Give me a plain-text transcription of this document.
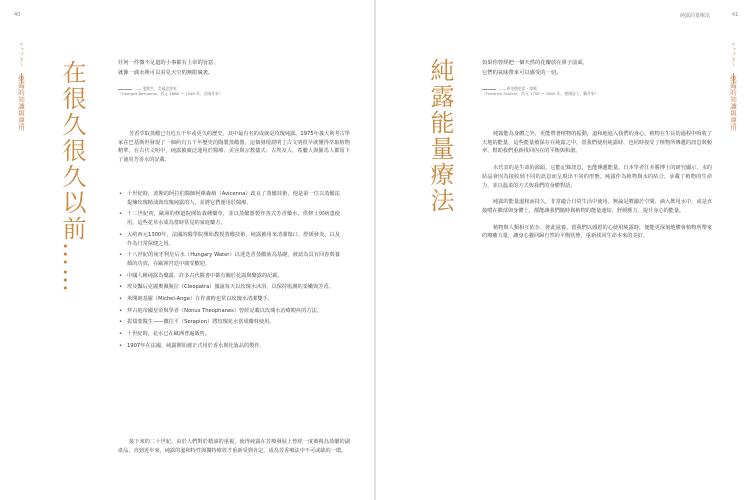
40
チャプター
純露的知識與運用 在很久很久以前……	任何一件微不足道的小事都有上帝的旨意，
就像一滴水裡可以看見天空的無限廣袤。
——愛默生，美國思想家
（Georges Bernanos，西元 1888 ～ 1948 年，法國作家）

芳香萃取蒸餾已有近五千年或更久的歷史，其中最有名的成就是玫瑰純露。1975年義大利考古學家在巴基斯坦發現了一個約有五千年歷史的陶製蒸餾器，這個發現證明了古文明很早就懂得萃取植物精華。在古代文明中，純露被廣泛運用於醫療、美容與宗教儀式；古埃及人、希臘人與羅馬人都留下了使用芳香水的記載。

• 十世紀時，波斯的阿拉伯醫師阿維森納（Avicenna）改良了蒸餾技術，他是第一位以蒸餾法提煉玫瑰精油與玫瑰純露的人，並將它們運用於醫療。
• 十二世紀初，歐洲的修道院開始栽種藥草，並以蒸餾器製作各式芳香藥水，供修士與病患使用，這些花草水成為當時常見的家庭藥方。
• 大約西元1300年，法國的醫學院開始教授蒸餾技術，純露被用來清潔傷口、舒緩發炎，以及作為日常保健之用。
• 十八世紀的匈牙利皇后水（Hungary Water）以迷迭香蒸餾液為基礎，被認為具有回春與養顏的功效，在歐洲宮廷中廣受歡迎。
• 中國人稱純露為藥露，許多古代醫書中都有關於花露與藥露的記載。
• 埃及豔后克麗奧佩脫拉（Cleopatra）據說每天以玫瑰水沐浴，以保持肌膚的柔嫩與芳香。
• 米開朗基羅（Michel-Ange）在作畫時也常以玫瑰水清潔雙手。
• 拜占庭帝國皇帝與學者（Nonus Theophanes）曾經記載以玫瑰水治療眼疾的方法。
• 拔瑞蒙醫生——撒拉平（Serapion）將玫瑰花水當成藥材使用。
• 十世紀時，花水已在歐洲普遍販售。
• 1907年在法國，純露開始被正式用於香水與化妝品的製作。

接下來的二十世紀，由於人們對於精油的重視，使得純露在芳療發展上曾經一度被視為蒸餾的副產品，直到近年來，純露的溫和特性與獨特療效才重新受到肯定，成為芳香療法中不可或缺的一環。

純露的量療法	41
純露能量療法	如果你曾經把一個天然的花瓣放在鼻子前面，
它們的氣味帶來可以感受的一切。
——弗里德里希・席勒
（Friedrich Schiller，西元 1759 ～ 1805 年，德國詩人、劇作家）

純露能為身體之外，更能帶著植物的振動，溫和地進入我們的身心。植物在生長的過程中吸收了天地的能量，這些能量被保存在純露之中。當我們使用純露時，也同時接受了植物所傳遞的訊息與頻率，幫助我們重新找回內在的平衡與和諧。

水代表的是生命的源頭，它能記錄訊息，也能傳遞能量。日本學者江本勝博士的研究顯示，水的結晶會因為接收到不同的訊息而呈現出不同的形態。純露作為植物與水的結合，承載了植物的生命力，並以溫柔的方式與我們的身體對話。

純露的能量溫和而持久，非常適合日常生活中使用。無論是噴灑於空間、滴入飲用水中，或是直接噴在臉部與身體上，都能讓我們隨時與植物的能量連結，舒緩壓力，提升身心的能量。

植物與人類相互依存、彼此滋養。當我們以感恩的心使用純露時，便能更深刻地體會植物所帶來的療癒力量，讓身心靈回歸自然的平衡狀態，重新找回生命本來的美好。

チャプター
純露的知識與運用
